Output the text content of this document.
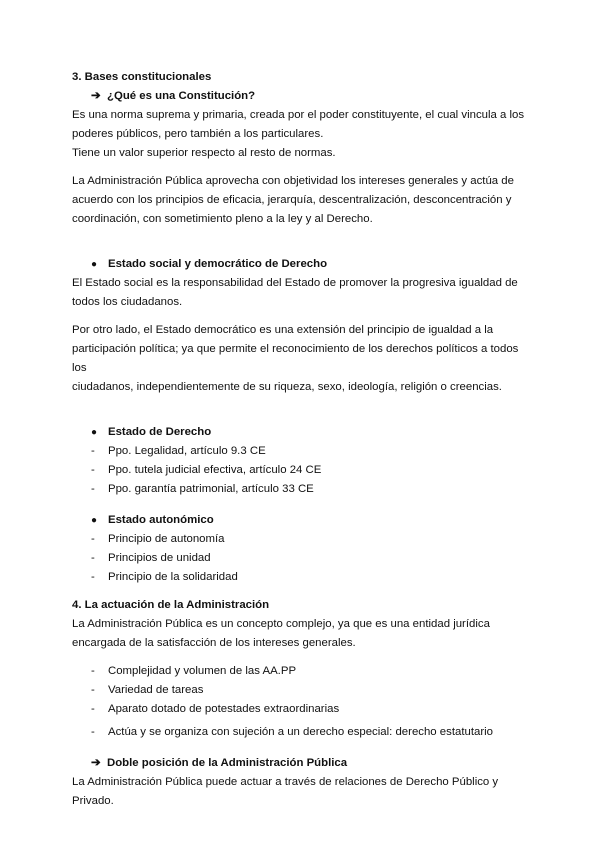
3. Bases constitucionales

➔ ¿Qué es una Constitución?

Es una norma suprema y primaria, creada por el poder constituyente, el cual vincula a los

poderes públicos, pero también a los particulares.

Tiene un valor superior respecto al resto de normas.

La Administración Pública aprovecha con objetividad los intereses generales y actúa de

acuerdo con los principios de eficacia, jerarquía, descentralización, desconcentración y

coordinación, con sometimiento pleno a la ley y al Derecho.

● Estado social y democrático de Derecho

El Estado social es la responsabilidad del Estado de promover la progresiva igualdad de

todos los ciudadanos.

Por otro lado, el Estado democrático es una extensión del principio de igualdad a la

participación política; ya que permite el reconocimiento de los derechos políticos a todos los

ciudadanos, independientemente de su riqueza, sexo, ideología, religión o creencias.

● Estado de Derecho
-	Ppo. Legalidad, artículo 9.3 CE
-	Ppo. tutela judicial efectiva, artículo 24 CE
-	Ppo. garantía patrimonial, artículo 33 CE
● Estado autonómico
-	Principio de autonomía
-	Principios de unidad
-	Principio de la solidaridad

4. La actuación de la Administración

La Administración Pública es un concepto complejo, ya que es una entidad jurídica

encargada de la satisfacción de los intereses generales.

-	Complejidad y volumen de las AA.PP
-	Variedad de tareas
-	Aparato dotado de potestades extraordinarias
-	Actúa y se organiza con sujeción a un derecho especial: derecho estatutario
➔ Doble posición de la Administración Pública

La Administración Pública puede actuar a través de relaciones de Derecho Público y

Privado.
